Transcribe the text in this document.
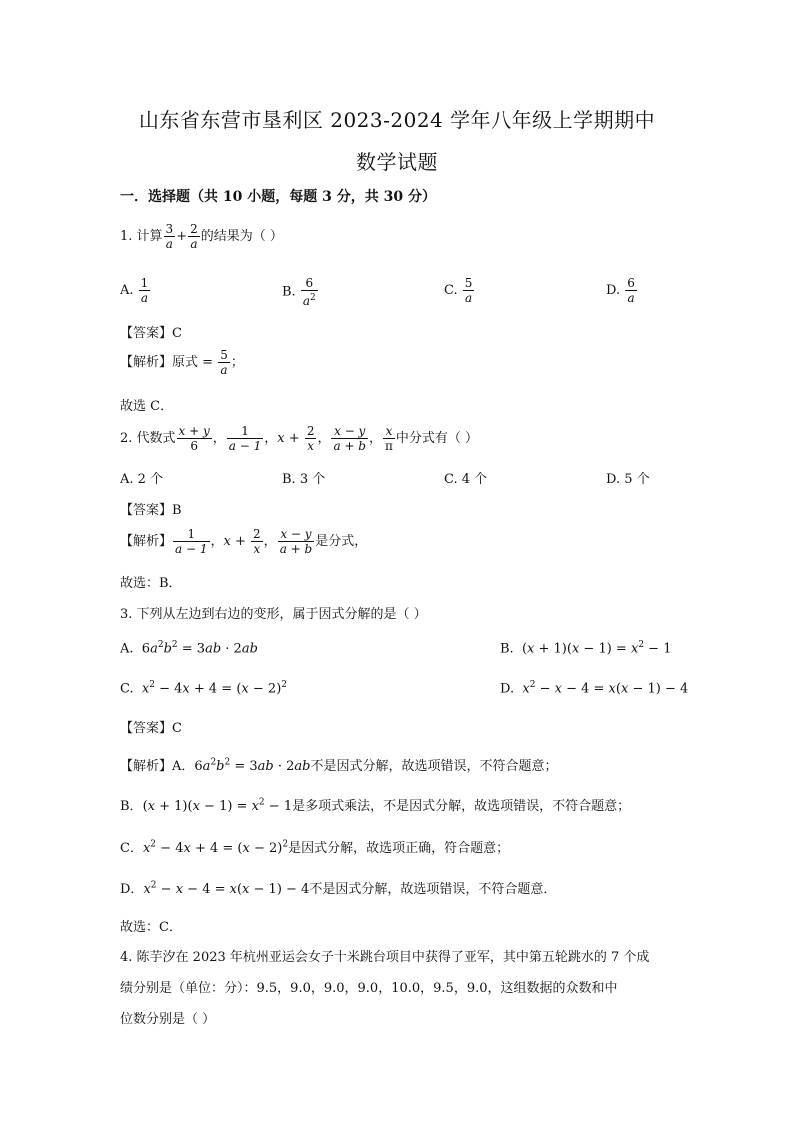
山东省东营市垦利区 2023-2024 学年八年级上学期期中
数学试题
一．选择题（共 10 小题，每题 3 分，共 30 分）
1. 计算 $\frac{3}{a} + \frac{2}{a}$ 的结果为（ ）
A. $\frac{1}{a}$	B. $\frac{6}{a^2}$	C. $\frac{5}{a}$	D. $\frac{6}{a}$
【答案】C
【解析】原式 = $\frac{5}{a}$ ；
故选 C．
2. 代数式 $\frac{x + y}{6}$ ， $\frac{1}{a - 1}$ ，$x + \frac{2}{x}$ ， $\frac{x - y}{a + b}$ ， $\frac{x}{\pi}$ 中分式有（ ）
A. 2 个	B. 3 个	C. 4 个	D. 5 个
【答案】B
【解析】 $\frac{1}{a - 1}$ ，$x + \frac{2}{x}$ ， $\frac{x - y}{a + b}$ 是分式，
故选：B．
3. 下列从左边到右边的变形，属于因式分解的是（ ）
A.  $6a^2b^2 = 3ab \cdot 2ab$	B.  $(x + 1)(x - 1) = x^2 - 1$
C. $x^2 - 4x + 4 = (x - 2)^2$	D. $x^2 - x - 4 = x(x - 1) - 4$
【答案】C
【解析】A．$6a^2b^2 = 3ab \cdot 2ab$不是因式分解，故选项错误，不符合题意；
B．$(x + 1)(x - 1) = x^2 - 1$是多项式乘法，不是因式分解，故选项错误，不符合题意；
C．$x^2 - 4x + 4 = (x - 2)^2$是因式分解，故选项正确，符合题意；
D．$x^2 - x - 4 = x(x - 1) - 4$不是因式分解，故选项错误，不符合题意．
故选：C．
4. 陈芋汐在 2023 年杭州亚运会女子十米跳台项目中获得了亚军，其中第五轮跳水的 7 个成
绩分别是（单位：分）：9.5，9.0，9.0，9.0，10.0，9.5，9.0，这组数据的众数和中
位数分别是（ ）
